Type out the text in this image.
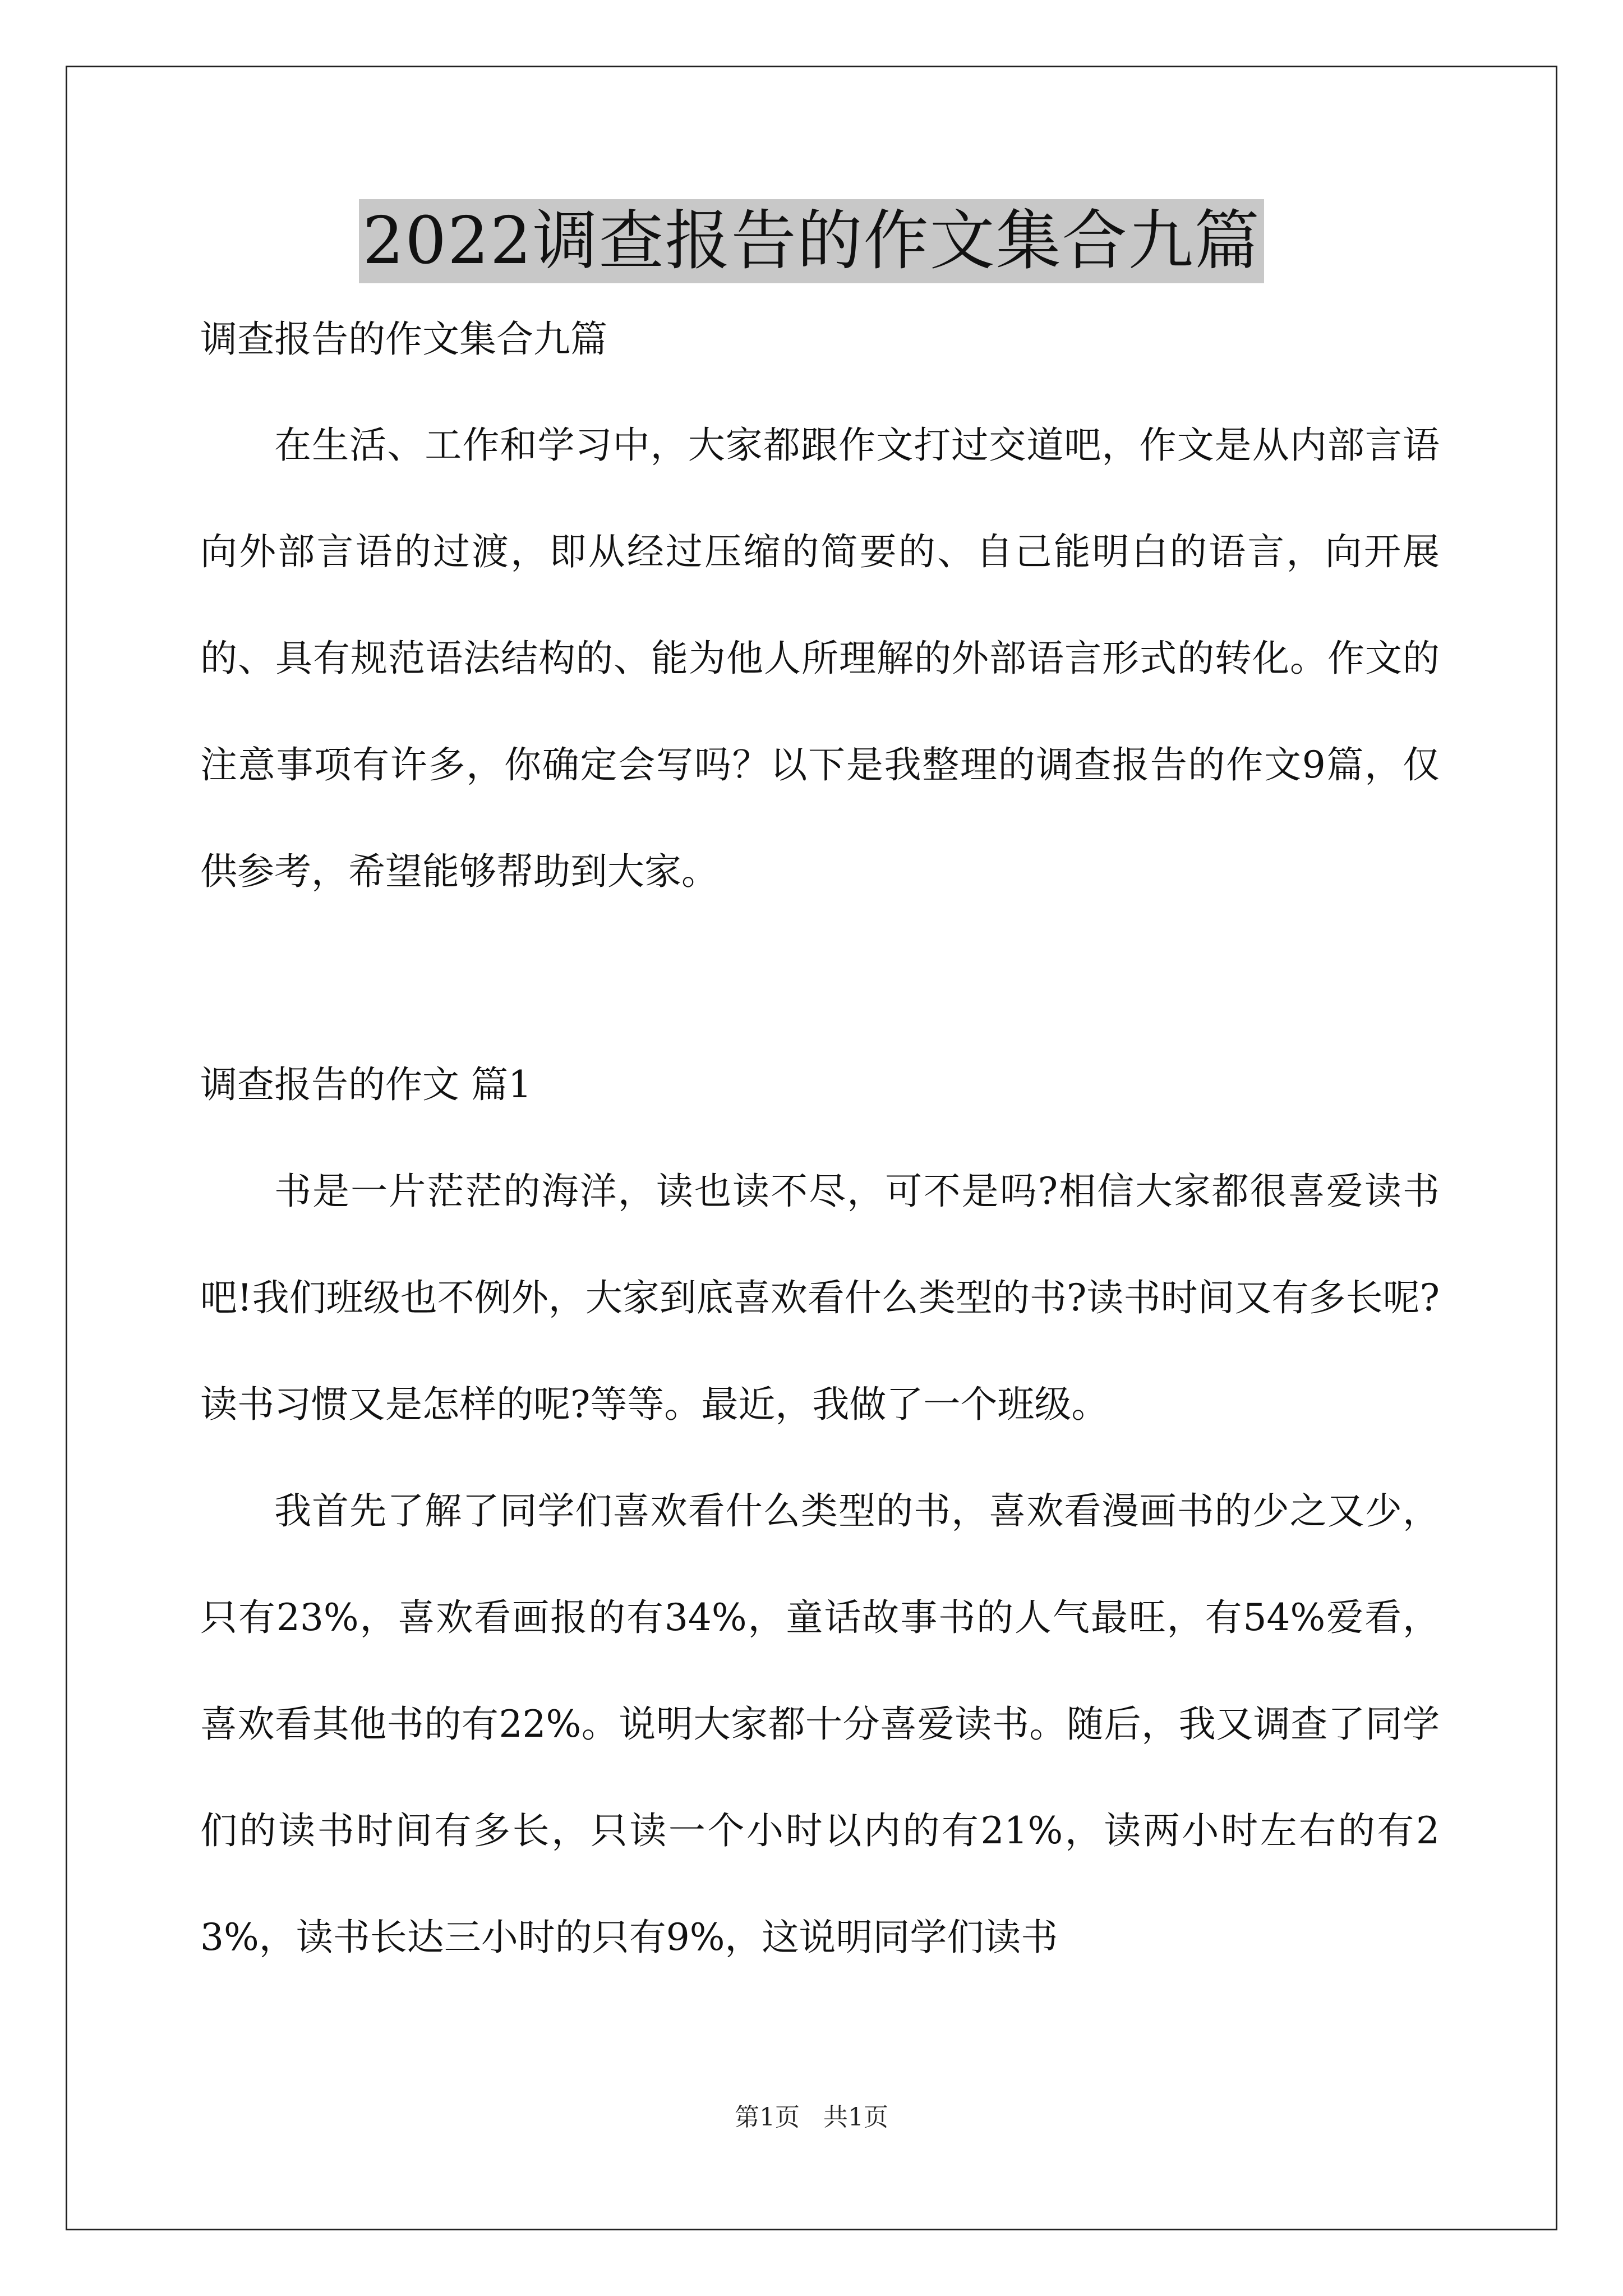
2022调查报告的作文集合九篇
调查报告的作文集合九篇

在生活、工作和学习中，大家都跟作文打过交道吧，作文是从内部言语向外部言语的过渡，即从经过压缩的简要的、自己能明白的语言，向开展的、具有规范语法结构的、能为他人所理解的外部语言形式的转化。作文的注意事项有许多，你确定会写吗？以下是我整理的调查报告的作文9篇，仅供参考，希望能够帮助到大家。

调查报告的作文 篇1

书是一片茫茫的海洋，读也读不尽，可不是吗?相信大家都很喜爱读书吧!我们班级也不例外，大家到底喜欢看什么类型的书?读书时间又有多长呢?读书习惯又是怎样的呢?等等。最近，我做了一个班级。

我首先了解了同学们喜欢看什么类型的书，喜欢看漫画书的少之又少，只有23%，喜欢看画报的有34%，童话故事书的人气最旺，有54%爱看，喜欢看其他书的有22%。说明大家都十分喜爱读书。随后，我又调查了同学们的读书时间有多长，只读一个小时以内的有21%，读两小时左右的有23%，读书长达三小时的只有9%，这说明同学们读书

第1页   共1页
